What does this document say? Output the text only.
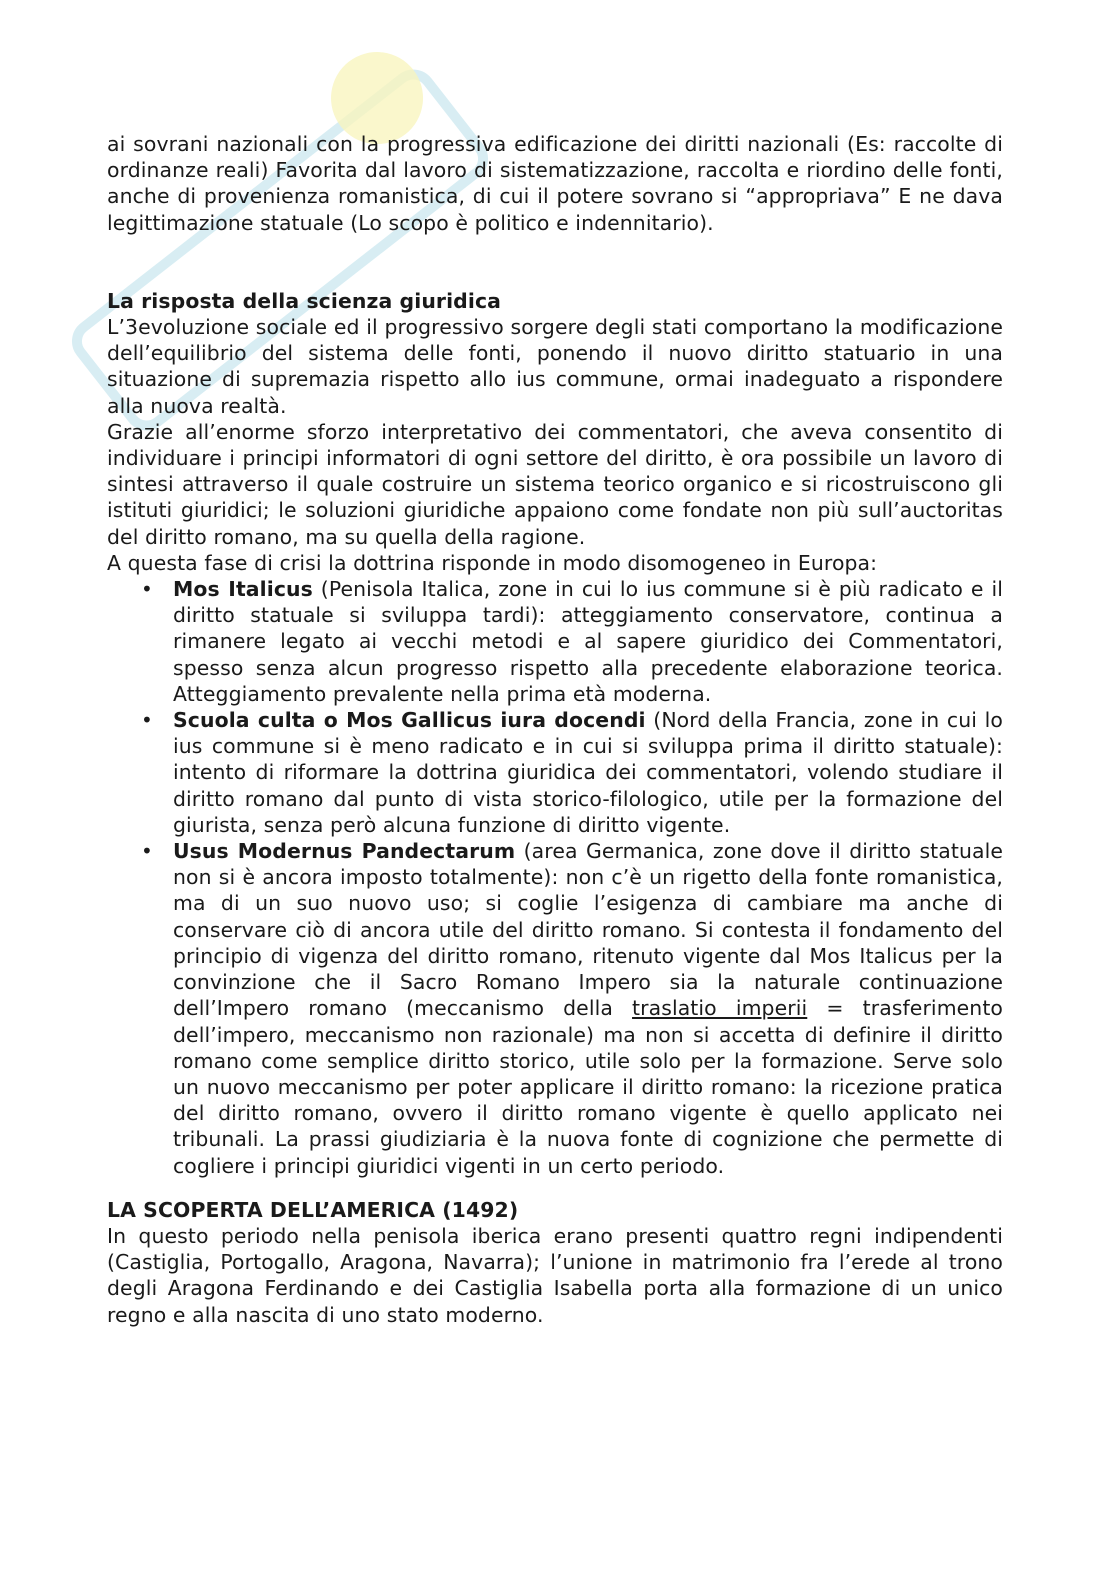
ai sovrani nazionali con la progressiva edificazione dei diritti nazionali (Es: raccolte di ordinanze reali) Favorita dal lavoro di sistematizzazione, raccolta e riordino delle fonti, anche di provenienza romanistica, di cui il potere sovrano si “appropriava” E ne dava legittimazione statuale (Lo scopo è politico e indennitario).

La risposta della scienza giuridica

L’3evoluzione sociale ed il progressivo sorgere degli stati comportano la modificazione dell’equilibrio del sistema delle fonti, ponendo il nuovo diritto statuario in una situazione di supremazia rispetto allo ius commune, ormai inadeguato a rispondere alla nuova realtà.

Grazie all’enorme sforzo interpretativo dei commentatori, che aveva consentito di individuare i principi informatori di ogni settore del diritto, è ora possibile un lavoro di sintesi attraverso il quale costruire un sistema teorico organico e si ricostruiscono gli istituti giuridici; le soluzioni giuridiche appaiono come fondate non più sull’auctoritas del diritto romano, ma su quella della ragione.

A questa fase di crisi la dottrina risponde in modo disomogeneo in Europa:

• Mos Italicus (Penisola Italica, zone in cui lo ius commune si è più radicato e il diritto statuale si sviluppa tardi): atteggiamento conservatore, continua a rimanere legato ai vecchi metodi e al sapere giuridico dei Commentatori, spesso senza alcun progresso rispetto alla precedente elaborazione teorica. Atteggiamento prevalente nella prima età moderna.
• Scuola culta o Mos Gallicus iura docendi (Nord della Francia, zone in cui lo ius commune si è meno radicato e in cui si sviluppa prima il diritto statuale): intento di riformare la dottrina giuridica dei commentatori, volendo studiare il diritto romano dal punto di vista storico-filologico, utile per la formazione del giurista, senza però alcuna funzione di diritto vigente.
• Usus Modernus Pandectarum (area Germanica, zone dove il diritto statuale non si è ancora imposto totalmente): non c’è un rigetto della fonte romanistica, ma di un suo nuovo uso; si coglie l’esigenza di cambiare ma anche di conservare ciò di ancora utile del diritto romano. Si contesta il fondamento del principio di vigenza del diritto romano, ritenuto vigente dal Mos Italicus per la convinzione che il Sacro Romano Impero sia la naturale continuazione dell’Impero romano (meccanismo della traslatio imperii = trasferimento dell’impero, meccanismo non razionale) ma non si accetta di definire il diritto romano come semplice diritto storico, utile solo per la formazione. Serve solo un nuovo meccanismo per poter applicare il diritto romano: la ricezione pratica del diritto romano, ovvero il diritto romano vigente è quello applicato nei tribunali. La prassi giudiziaria è la nuova fonte di cognizione che permette di cogliere i principi giuridici vigenti in un certo periodo.
LA SCOPERTA DELL’AMERICA (1492)

In questo periodo nella penisola iberica erano presenti quattro regni indipendenti (Castiglia, Portogallo, Aragona, Navarra); l’unione in matrimonio fra l’erede al trono degli Aragona Ferdinando e dei Castiglia Isabella porta alla formazione di un unico regno e alla nascita di uno stato moderno.
